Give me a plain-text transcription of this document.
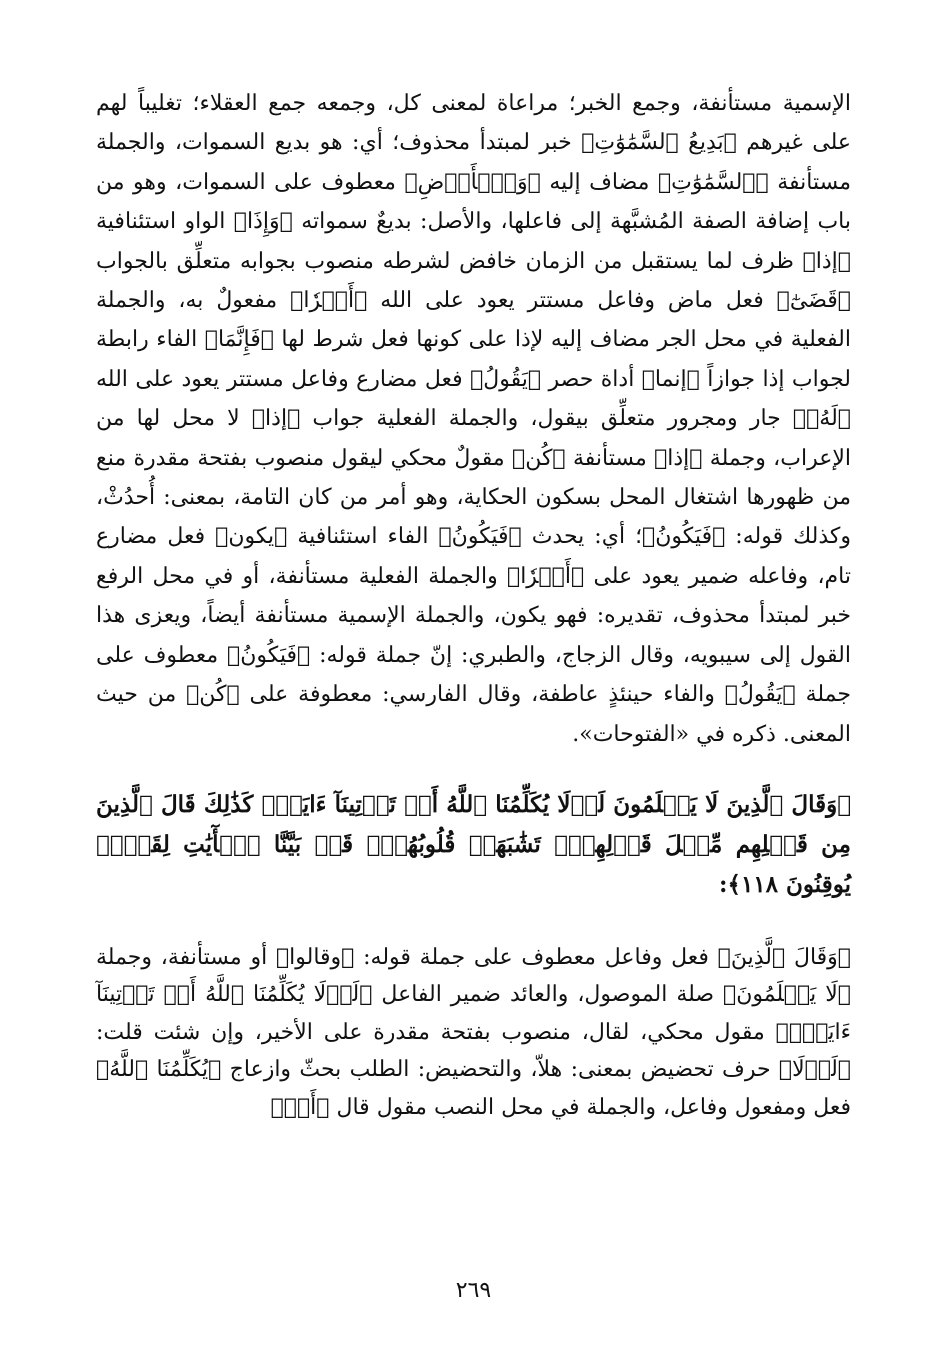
الإسمية مستأنفة، وجمع الخبر؛ مراعاة لمعنى كل، وجمعه جمع العقلاء؛ تغليباً لهم على غيرهم ﴿بَدِيعُ ٱلسَّمَٰوَٰتِ﴾ خبر لمبتدأ محذوف؛ أي: هو بديع السموات، والجملة مستأنفة ﴿ٱلسَّمَٰوَٰتِ﴾ مضاف إليه ﴿وَٱلۡأَرۡضِ﴾ معطوف على السموات، وهو من باب إضافة الصفة المُشبَّهة إلى فاعلها، والأصل: بديعٌ سمواته ﴿وَإِذَا﴾ الواو استئنافية ﴿إذا﴾ ظرف لما يستقبل من الزمان خافض لشرطه منصوب بجوابه متعلِّق بالجواب ﴿قَضَىٰٓ﴾ فعل ماض وفاعل مستتر يعود على الله ﴿أَمۡرٗا﴾ مفعولٌ به، والجملة الفعلية في محل الجر مضاف إليه لإذا على كونها فعل شرط لها ﴿فَإِنَّمَا﴾ الفاء رابطة لجواب إذا جوازاً ﴿إنما﴾ أداة حصر ﴿يَقُولُ﴾ فعل مضارع وفاعل مستتر يعود على الله ﴿لَهُۥ﴾ جار ومجرور متعلِّق بيقول، والجملة الفعلية جواب ﴿إذا﴾ لا محل لها من الإعراب، وجملة ﴿إذا﴾ مستأنفة ﴿كُن﴾ مقولٌ محكي ليقول منصوب بفتحة مقدرة منع من ظهورها اشتغال المحل بسكون الحكاية، وهو أمر من كان التامة، بمعنى: أُحدُثْ، وكذلك قوله: ﴿فَيَكُونُ﴾؛ أي: يحدث ﴿فَيَكُونُ﴾ الفاء استئنافية ﴿يكون﴾ فعل مضارع تام، وفاعله ضمير يعود على ﴿أَمۡرٗا﴾ والجملة الفعلية مستأنفة، أو في محل الرفع خبر لمبتدأ محذوف، تقديره: فهو يكون، والجملة الإسمية مستأنفة أيضاً، ويعزى هذا القول إلى سيبويه، وقال الزجاج، والطبري: إنّ جملة قوله: ﴿فَيَكُونُ﴾ معطوف على جملة ﴿يَقُولُ﴾ والفاء حينئذٍ عاطفة، وقال الفارسي: معطوفة على ﴿كُن﴾ من حيث المعنى. ذكره في «الفتوحات».

﴿وَقَالَ ٱلَّذِينَ لَا يَعۡلَمُونَ لَوۡلَا يُكَلِّمُنَا ٱللَّهُ أَوۡ تَأۡتِينَآ ءَايَةٞۗ كَذَٰلِكَ قَالَ ٱلَّذِينَ مِن قَبۡلِهِم مِّثۡلَ قَوۡلِهِمۡۘ تَشَٰبَهَتۡ قُلُوبُهُمۡۗ قَدۡ بَيَّنَّا ٱلۡأٓيَٰتِ لِقَوۡمٖ يُوقِنُونَ ١١٨﴾:

﴿وَقَالَ ٱلَّذِينَ﴾ فعل وفاعل معطوف على جملة قوله: ﴿وقالوا﴾ أو مستأنفة، وجملة ﴿لَا يَعۡلَمُونَ﴾ صلة الموصول، والعائد ضمير الفاعل ﴿لَوۡلَا يُكَلِّمُنَا ٱللَّهُ أَوۡ تَأۡتِينَآ ءَايَةٞۗ﴾ مقول محكي، لقال، منصوب بفتحة مقدرة على الأخير، وإن شئت قلت: ﴿لَوۡلَا﴾ حرف تحضيض بمعنى: هلاّ، والتحضيض: الطلب بحثّ وازعاج ﴿يُكَلِّمُنَا ٱللَّهُ﴾ فعل ومفعول وفاعل، والجملة في محل النصب مقول قال ﴿أَوۡ﴾

٢٦٩
